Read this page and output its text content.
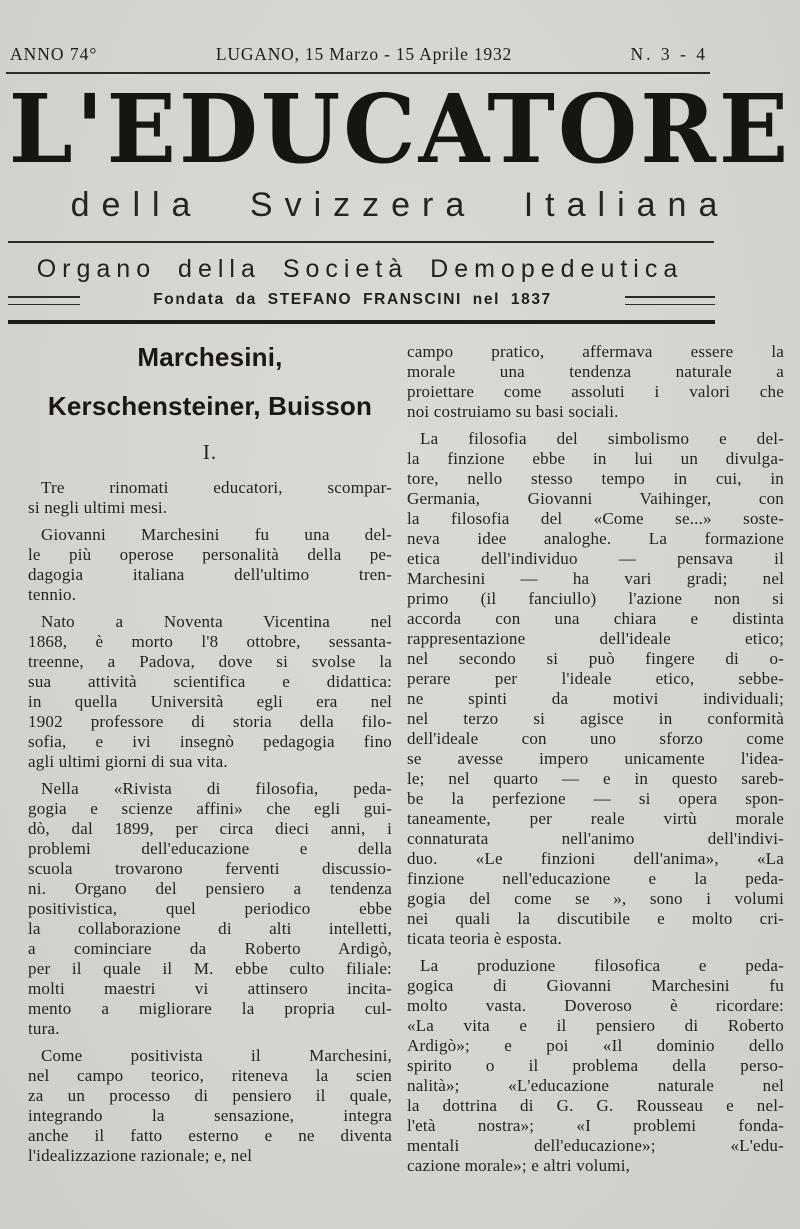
ANNO 74°	LUGANO, 15 Marzo - 15 Aprile 1932	N. 3 - 4
L'EDUCATORE
della Svizzera Italiana
Organo della Società Demopedeutica
Fondata da STEFANO FRANSCINI nel 1837
Marchesini,
Kerschensteiner, Buisson
I.
Tre rinomati educatori, scompar-
si negli ultimi mesi.
Giovanni Marchesini fu una del-
le più operose personalità della pe-
dagogia italiana dell'ultimo tren-
tennio.
Nato a Noventa Vicentina nel
1868, è morto l'8 ottobre, sessanta-
treenne, a Padova, dove si svolse la
sua attività scientifica e didattica:
in quella Università egli era nel
1902 professore di storia della filo-
sofia, e ivi insegnò pedagogia fino
agli ultimi giorni di sua vita.
Nella «Rivista di filosofia, peda-
gogia e scienze affini» che egli gui-
dò, dal 1899, per circa dieci anni, i
problemi dell'educazione e della
scuola trovarono ferventi discussio-
ni. Organo del pensiero a tendenza
positivistica, quel periodico ebbe
la collaborazione di alti intelletti,
a cominciare da Roberto Ardigò,
per il quale il M. ebbe culto filiale:
molti maestri vi attinsero incita-
mento a migliorare la propria cul-
tura.
Come positivista il Marchesini,
nel campo teorico, riteneva la scien
za un processo di pensiero il quale,
integrando la sensazione, integra
anche il fatto esterno e ne diventa
l'idealizzazione razionale; e, nel
campo pratico, affermava essere la
morale una tendenza naturale a
proiettare come assoluti i valori che
noi costruiamo su basi sociali.
La filosofia del simbolismo e del-
la finzione ebbe in lui un divulga-
tore, nello stesso tempo in cui, in
Germania, Giovanni Vaihinger, con
la filosofia del «Come se...» soste-
neva idee analoghe. La formazione
etica dell'individuo — pensava il
Marchesini — ha vari gradi; nel
primo (il fanciullo) l'azione non si
accorda con una chiara e distinta
rappresentazione dell'ideale etico;
nel secondo si può fingere di o-
perare per l'ideale etico, sebbe-
ne spinti da motivi individuali;
nel terzo si agisce in conformità
dell'ideale con uno sforzo come
se avesse impero unicamente l'idea-
le; nel quarto — e in questo sareb-
be la perfezione — si opera spon-
taneamente, per reale virtù morale
connaturata nell'animo dell'indivi-
duo. «Le finzioni dell'anima», «La
finzione nell'educazione e la peda-
gogia del come se », sono i volumi
nei quali la discutibile e molto cri-
ticata teoria è esposta.
La produzione filosofica e peda-
gogica di Giovanni Marchesini fu
molto vasta. Doveroso è ricordare:
«La vita e il pensiero di Roberto
Ardigò»; e poi «Il dominio dello
spirito o il problema della perso-
nalità»; «L'educazione naturale nel
la dottrina di G. G. Rousseau e nel-
l'età nostra»; «I problemi fonda-
mentali dell'educazione»; «L'edu-
cazione morale»; e altri volumi,
